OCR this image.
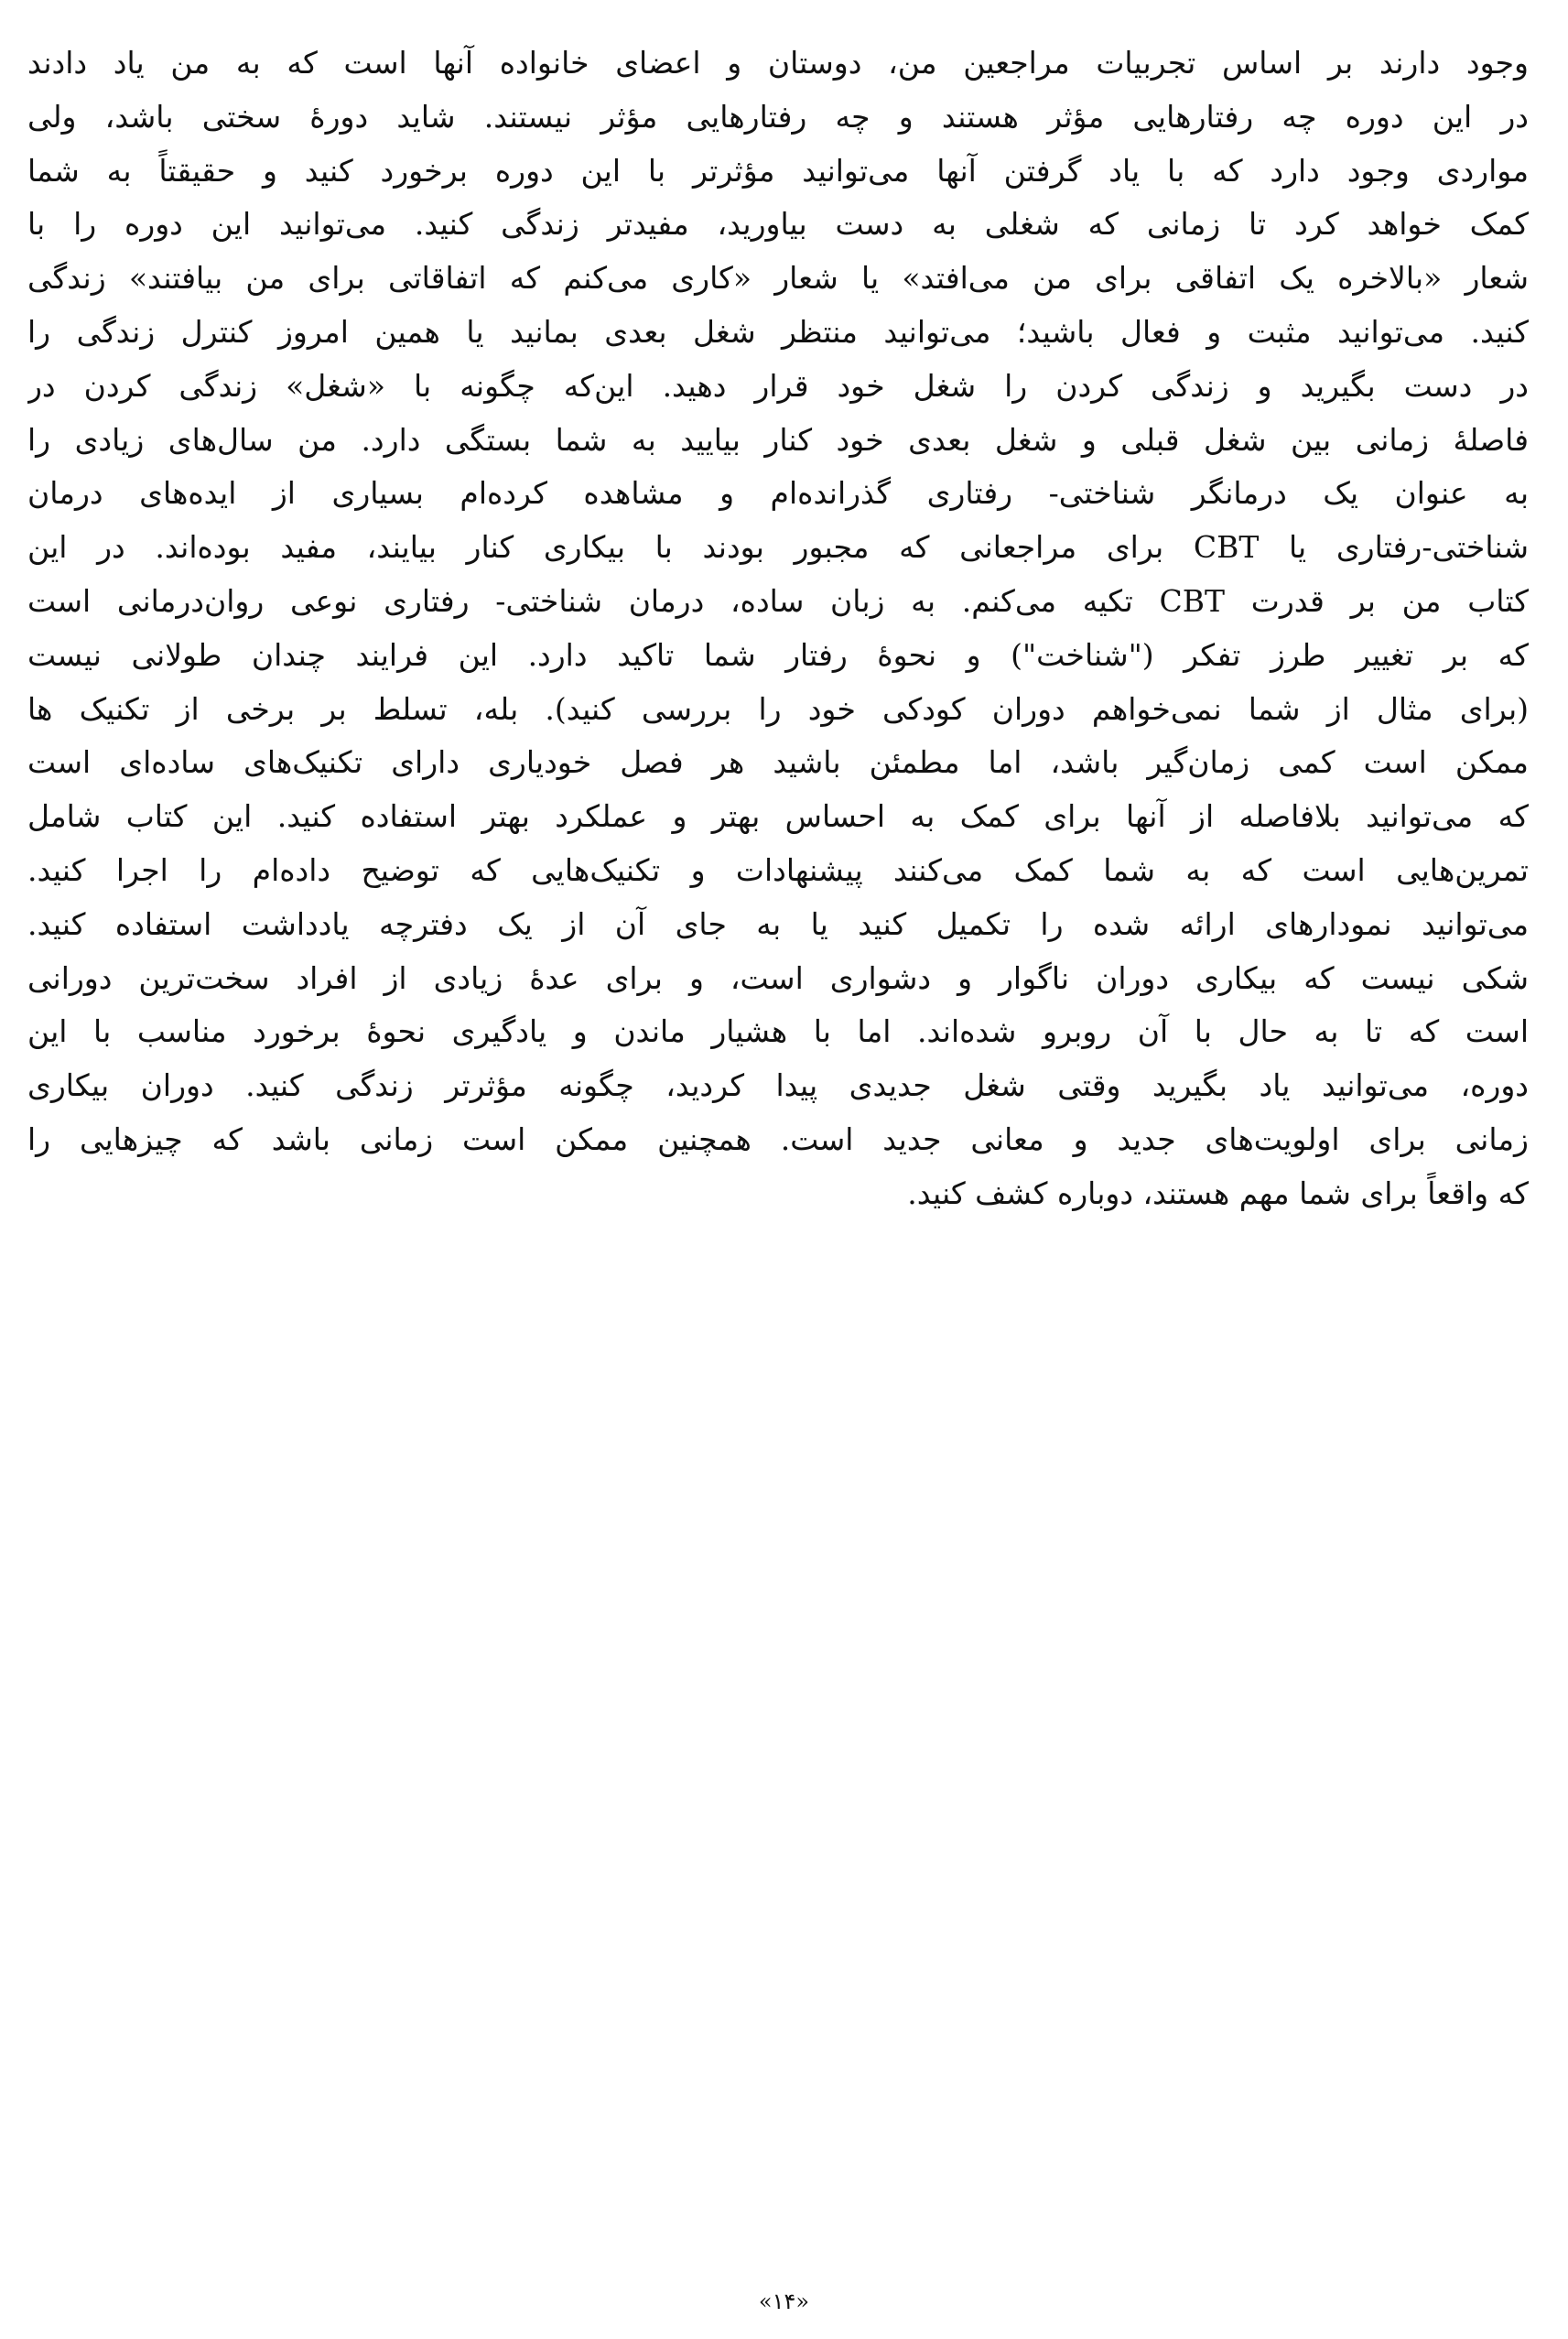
وجود دارند بر اساس تجربیات مراجعین من، دوستان و اعضای خانواده آنها است که به من یاد دادند
در این دوره چه رفتارهایی مؤثر هستند و چه رفتارهایی مؤثر نیستند. شاید دورهٔ سختی باشد، ولی
مواردی وجود دارد که با یاد گرفتن آنها می‌توانید مؤثرتر با این دوره برخورد کنید و حقیقتاً به شما
کمک خواهد کرد تا زمانی که شغلی به دست بیاورید، مفیدتر زندگی کنید. می‌توانید این دوره را با
شعار «بالاخره یک اتفاقی برای من می‌افتد» یا شعار «کاری می‌کنم که اتفاقاتی برای من بیافتند» زندگی
کنید. می‌توانید مثبت و فعال باشید؛ می‌توانید منتظر شغل بعدی بمانید یا همین امروز کنترل زندگی را
در دست بگیرید و زندگی کردن را شغل خود قرار دهید. این‌که چگونه با «شغل» زندگی کردن در
فاصلهٔ زمانی بین شغل قبلی و شغل بعدی خود کنار بیایید به شما بستگی دارد. من سال‌های زیادی را
به عنوان یک درمانگر شناختی- رفتاری گذرانده‌ام و مشاهده کرده‌ام بسیاری از ایده‌های درمان
شناختی-رفتاری یا CBT برای مراجعانی که مجبور بودند با بیکاری کنار بیایند، مفید بوده‌اند. در این
کتاب من بر قدرت CBT تکیه می‌کنم. به زبان ساده، درمان شناختی- رفتاری نوعی روان‌درمانی است
که بر تغییر طرز تفکر ("شناخت") و نحوهٔ رفتار شما تاکید دارد. این فرایند چندان طولانی نیست
(برای مثال از شما نمی‌خواهم دوران کودکی خود را بررسی کنید). بله، تسلط بر برخی از تکنیک ها
ممکن است کمی زمان‌گیر باشد، اما مطمئن باشید هر فصل خودیاری دارای تکنیک‌های ساده‌ای است
که می‌توانید بلافاصله از آنها برای کمک به احساس بهتر و عملکرد بهتر استفاده کنید. این کتاب شامل
تمرین‌هایی است که به شما کمک می‌کنند پیشنهادات و تکنیک‌هایی که توضیح داده‌ام را اجرا کنید.
می‌توانید نمودارهای ارائه شده را تکمیل کنید یا به جای آن از یک دفترچه یادداشت استفاده کنید.
شکی نیست که بیکاری دوران ناگوار و دشواری است، و برای عدهٔ زیادی از افراد سخت‌ترین دورانی
است که تا به حال با آن روبرو شده‌اند. اما با هشیار ماندن و یادگیری نحوهٔ برخورد مناسب با این
دوره، می‌توانید یاد بگیرید وقتی شغل جدیدی پیدا کردید، چگونه مؤثرتر زندگی کنید. دوران بیکاری
زمانی برای اولویت‌های جدید و معانی جدید است. همچنین ممکن است زمانی باشد که چیزهایی را
که واقعاً برای شما مهم هستند، دوباره کشف کنید.
«۱۴»
